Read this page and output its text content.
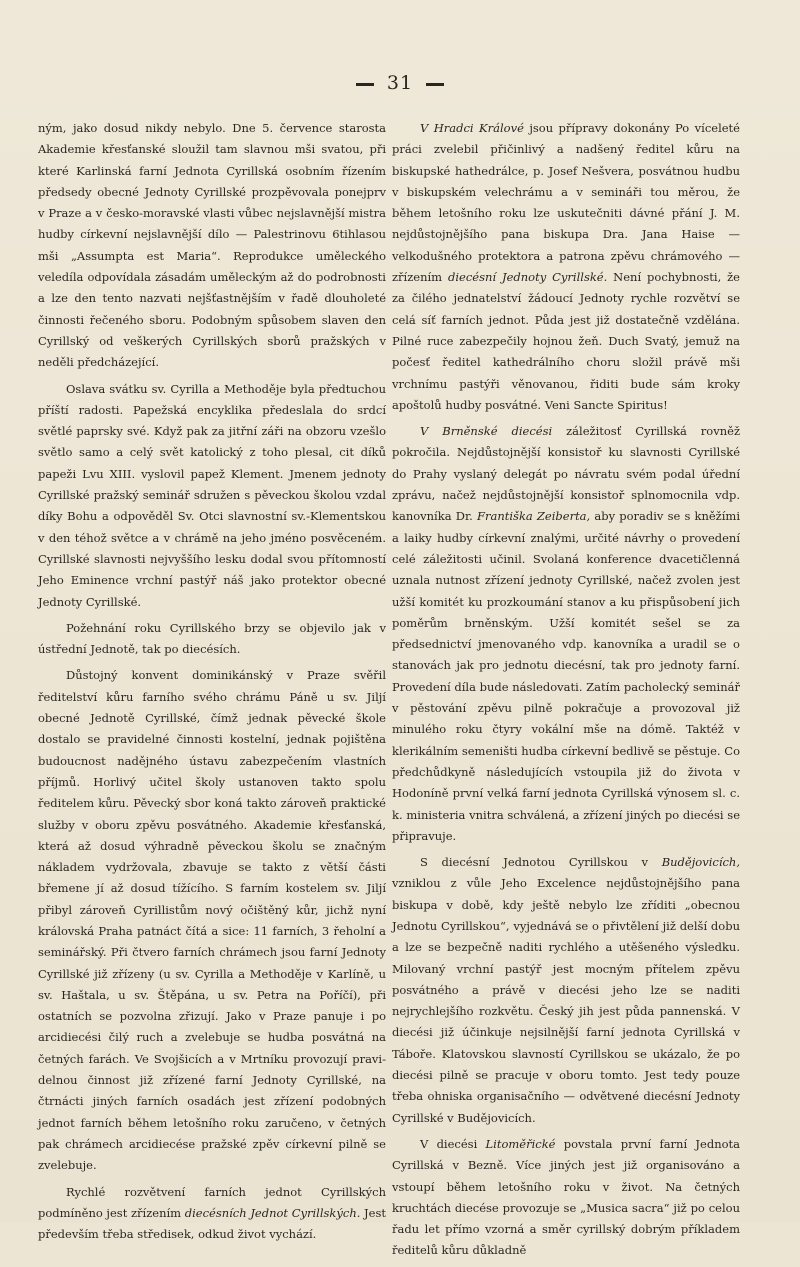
31

ným, jako dosud nikdy nebylo. Dne 5. července starosta Akademie křesťanské sloužil tam slavnou mši svatou, při které Karlinská farní Jednota Cyrillská osobním řízením předsedy obecné Jednoty Cyrillské prozpěvovala ponejprv v Praze a v česko-moravské vlasti vůbec nejslavnější mistra hudby církevní nejslavnější dílo — Palestrinovu 6tihlasou mši „Assumpta est Maria“. Reprodukce uměleckého veledíla odpovídala zásadám uměleckým až do podrobnosti a lze den tento nazvati nejšťastnějším v řadě dlouholeté činnosti řečeného sboru. Podobným spůsobem slaven den Cyrillský od veškerých Cyrillských sborů pražských v neděli předcházející.

Oslava svátku sv. Cyrilla a Methoděje byla předtuchou příští radosti. Papežská encyklika předeslala do srdcí světlé paprsky své. Když pak za jitřní záři na obzoru vzešlo světlo samo a celý svět katolický z toho plesal, cit díků papeži Lvu XIII. vyslovil papež Klement. Jmenem jednoty Cyrillské pražský seminář sdružen s pěveckou školou vzdal díky Bohu a odpověděl Sv. Otci slavnostní sv.-Klementskou v den téhož světce a v chrámě na jeho jméno posvěceném. Cyrillské slavnosti nejvyššího lesku dodal svou přítomností Jeho Eminence vrchní pastýř náš jako protektor obecné Jednoty Cyrillské.

Požehnání roku Cyrillského brzy se objevilo jak v ústřední Jednotě, tak po diecésích.

Důstojný konvent dominikánský v Praze svěřil ředitelství kůru farního svého chrámu Páně u sv. Jiljí obecné Jednotě Cyrillské, čímž jednak pěvecké škole dostalo se pravidelné činnosti kostelní, jednak pojištěna budoucnost nadějného ústavu zabezpečením vlastních příjmů. Horlivý učitel školy ustanoven takto spolu ředitelem kůru. Pěvecký sbor koná takto zároveň praktické služby v oboru zpěvu posvátného. Akademie křesťanská, která až dosud výhradně pěveckou školu se značným nákladem vydržovala, zbavuje se takto z větší části břemene jí až dosud tížícího. S farním kostelem sv. Jiljí přibyl zároveň Cyrillistům nový očištěný kůr, jichž nyní královská Praha patnáct čítá a sice: 11 farních, 3 řeholní a seminářský. Při čtvero farních chrámech jsou farní Jednoty Cyrillské již zřízeny (u sv. Cyrilla a Methoděje v Karlíně, u sv. Haštala, u sv. Štěpána, u sv. Petra na Poříčí), při ostatních se pozvolna zřizují. Jako v Praze panuje i po arcidiecési čilý ruch a zvelebuje se hudba posvátná na četných farách. Ve Svojšicích a v Mrtníku provozují pravidelnou činnost již zřízené farní Jednoty Cyrillské, na čtrnácti jiných farních osadách jest zřízení podobných jednot farních během letošního roku zaručeno, v četných pak chrámech arcidiecése pražské zpěv církevní pilně se zvelebuje.

Rychlé rozvětvení farních jednot Cyrillských podmíněno jest zřízením diecésních Jednot Cyrillských. Jest především třeba středisek, odkud život vychází.

V Hradci Králové jsou přípravy dokonány Po víceleté práci zvelebil přičinlivý a nadšený ředitel kůru na biskupské hathedrálce, p. Josef Nešvera, posvátnou hudbu v biskupském velechrámu a v semináři tou měrou, že během letošního roku lze uskutečniti dávné přání J. M. nejdůstojnějšího pana biskupa Dra. Jana Haise — velkodušného protektora a patrona zpěvu chrámového — zřízením diecésní Jednoty Cyrillské. Není pochybnosti, že za čilého jednatelství žádoucí Jednoty rychle rozvětví se celá síť farních jednot. Půda jest již dostatečně vzdělána. Pilné ruce zabezpečily hojnou žeň. Duch Svatý, jemuž na počesť ředitel kathedrálního choru složil právě mši vrchnímu pastýři věnovanou, řiditi bude sám kroky apoštolů hudby posvátné. Veni Sancte Spiritus!

V Brněnské diecési záležitosť Cyrillská rovněž pokročila. Nejdůstojnější konsistoř ku slavnosti Cyrillské do Prahy vyslaný delegát po návratu svém podal úřední zprávu, načež nejdůstojnější konsistoř splnomocnila vdp. kanovníka Dr. Františka Zeiberta, aby poradiv se s kněžími a laiky hudby církevní znalými, určité návrhy o provedení celé záležitosti učinil. Svolaná konference dvacetičlenná uznala nutnost zřízení jednoty Cyrillské, načež zvolen jest užší komitét ku prozkoumání stanov a ku přispůsobení jich poměrům brněnským. Užší komitét sešel se za předsednictví jmenovaného vdp. kanovníka a uradil se o stanovách jak pro jednotu diecésní, tak pro jednoty farní. Provedení díla bude následovati. Zatím pacholecký seminář v pěstování zpěvu pilně pokračuje a provozoval již minulého roku čtyry vokální mše na dómě. Taktéž v klerikálním semeništi hudba církevní bedlivě se pěstuje. Co předchůdkyně následujících vstoupila již do života v Hodoníně první velká farní jednota Cyrillská výnosem sl. c. k. ministeria vnitra schválená, a zřízení jiných po diecési se připravuje.

S diecésní Jednotou Cyrillskou v Budějovicích, vzniklou z vůle Jeho Excelence nejdůstojnějšího pana biskupa v době, kdy ještě nebylo lze zříditi „obecnou Jednotu Cyrillskou“, vyjednává se o přivtělení již delší dobu a lze se bezpečně naditi rychlého a utěšeného výsledku. Milovaný vrchní pastýř jest mocným přítelem zpěvu posvátného a právě v diecési jeho lze se naditi nejrychlejšího rozkvětu. Český jih jest půda pannenská. V diecési již účinkuje nejsilnější farní jednota Cyrillská v Táboře. Klatovskou slavností Cyrillskou se ukázalo, že po diecési pilně se pracuje v oboru tomto. Jest tedy pouze třeba ohniska organisačního — odvětvené diecésní Jednoty Cyrillské v Budějovicích.

V diecési Litoměřické povstala první farní Jednota Cyrillská v Bezně. Více jiných jest již organisováno a vstoupí během letošního roku v život. Na četných kruchtách diecése provozuje se „Musica sacra“ již po celou řadu let přímo vzorná a směr cyrillský dobrým příkladem ředitelů kůru důkladně
